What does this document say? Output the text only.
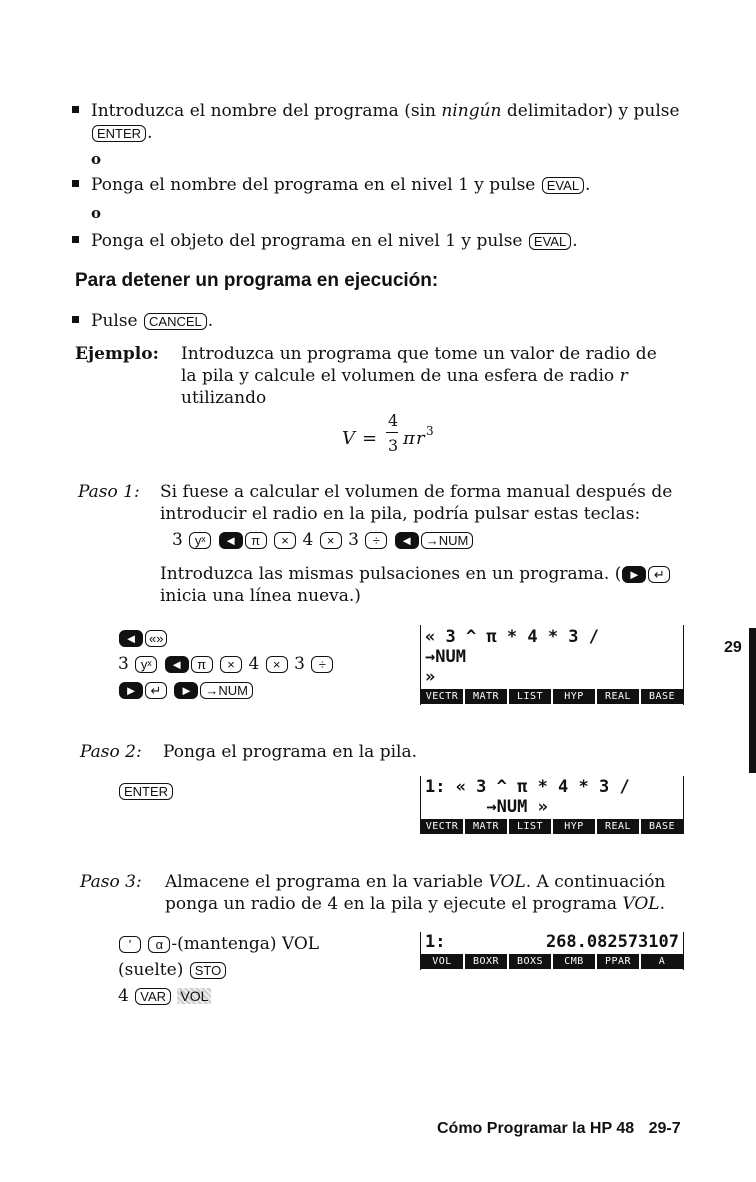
Introduzca el nombre del programa (sin ningún delimitador) y pulse
ENTER .
o
Ponga el nombre del programa en el nivel 1 y pulse EVAL .
o
Ponga el objeto del programa en el nivel 1 y pulse EVAL .
Para detener un programa en ejecución:
Pulse CANCEL .
Ejemplo: Introduzca un programa que tome un valor de radio de
la pila y calcule el volumen de una esfera de radio r
utilizando
V =
4
3 π r 3
Paso 1: Si fuese a calcular el volumen de forma manual después de
introducir el radio en la pila, podría pulsar estas teclas:
3 yˣ ◄ π × 4 × 3 ÷ ◄ →NUM
Introduzca las mismas pulsaciones en un programa. ( ► ↵
inicia una línea nueva.)
◄ «»
3 yˣ ◄ π × 4 × 3 ÷
► ↵ ► →NUM
« 3 ^ π * 4 * 3 /
→NUM
»
VECTR	MATR	LIST	HYP	REAL	BASE
29
Paso 2: Ponga el programa en la pila.
ENTER	1: « 3 ^ π * 4 * 3 /
→NUM »
VECTR	MATR	LIST	HYP	REAL	BASE
Paso 3: Almacene el programa en la variable VOL. A continuación
ponga un radio de 4 en la pila y ejecute el programa VOL.
' α -(mantenga) VOL
(suelte) STO
4 VAR VOL
1:	268.082573107
VOL	BOXR	BOXS	CMB	PPAR	A
Cómo Programar la HP 48 29-7
